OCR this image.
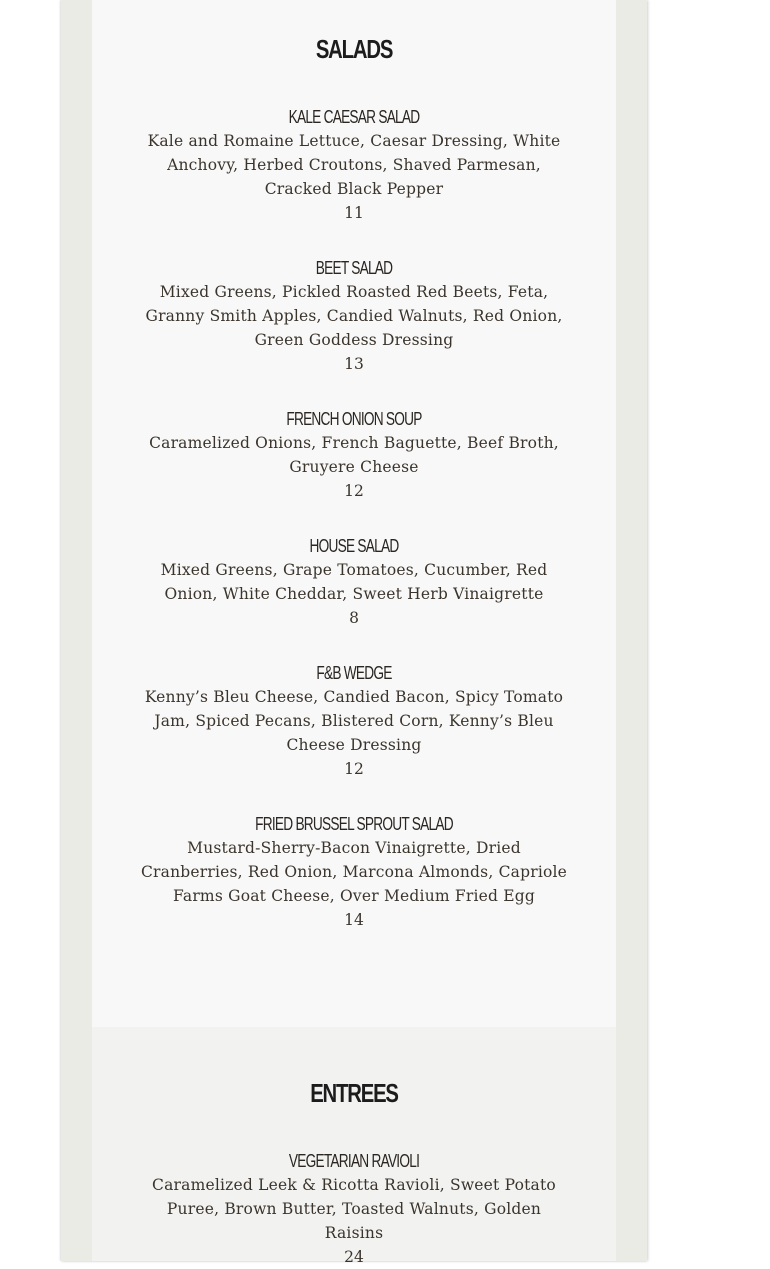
SALADS
KALE CAESAR SALAD
Kale and Romaine Lettuce, Caesar Dressing, White Anchovy, Herbed Croutons, Shaved Parmesan, Cracked Black Pepper
11
BEET SALAD
Mixed Greens, Pickled Roasted Red Beets, Feta, Granny Smith Apples, Candied Walnuts, Red Onion, Green Goddess Dressing
13
FRENCH ONION SOUP
Caramelized Onions, French Baguette, Beef Broth, Gruyere Cheese
12
HOUSE SALAD
Mixed Greens, Grape Tomatoes, Cucumber, Red Onion, White Cheddar, Sweet Herb Vinaigrette
8
F&B WEDGE
Kenny’s Bleu Cheese, Candied Bacon, Spicy Tomato Jam, Spiced Pecans, Blistered Corn, Kenny’s Bleu Cheese Dressing
12
FRIED BRUSSEL SPROUT SALAD
Mustard-Sherry-Bacon Vinaigrette, Dried Cranberries, Red Onion, Marcona Almonds, Capriole Farms Goat Cheese, Over Medium Fried Egg
14
ENTREES
VEGETARIAN RAVIOLI
Caramelized Leek & Ricotta Ravioli, Sweet Potato Puree, Brown Butter, Toasted Walnuts, Golden Raisins
24
